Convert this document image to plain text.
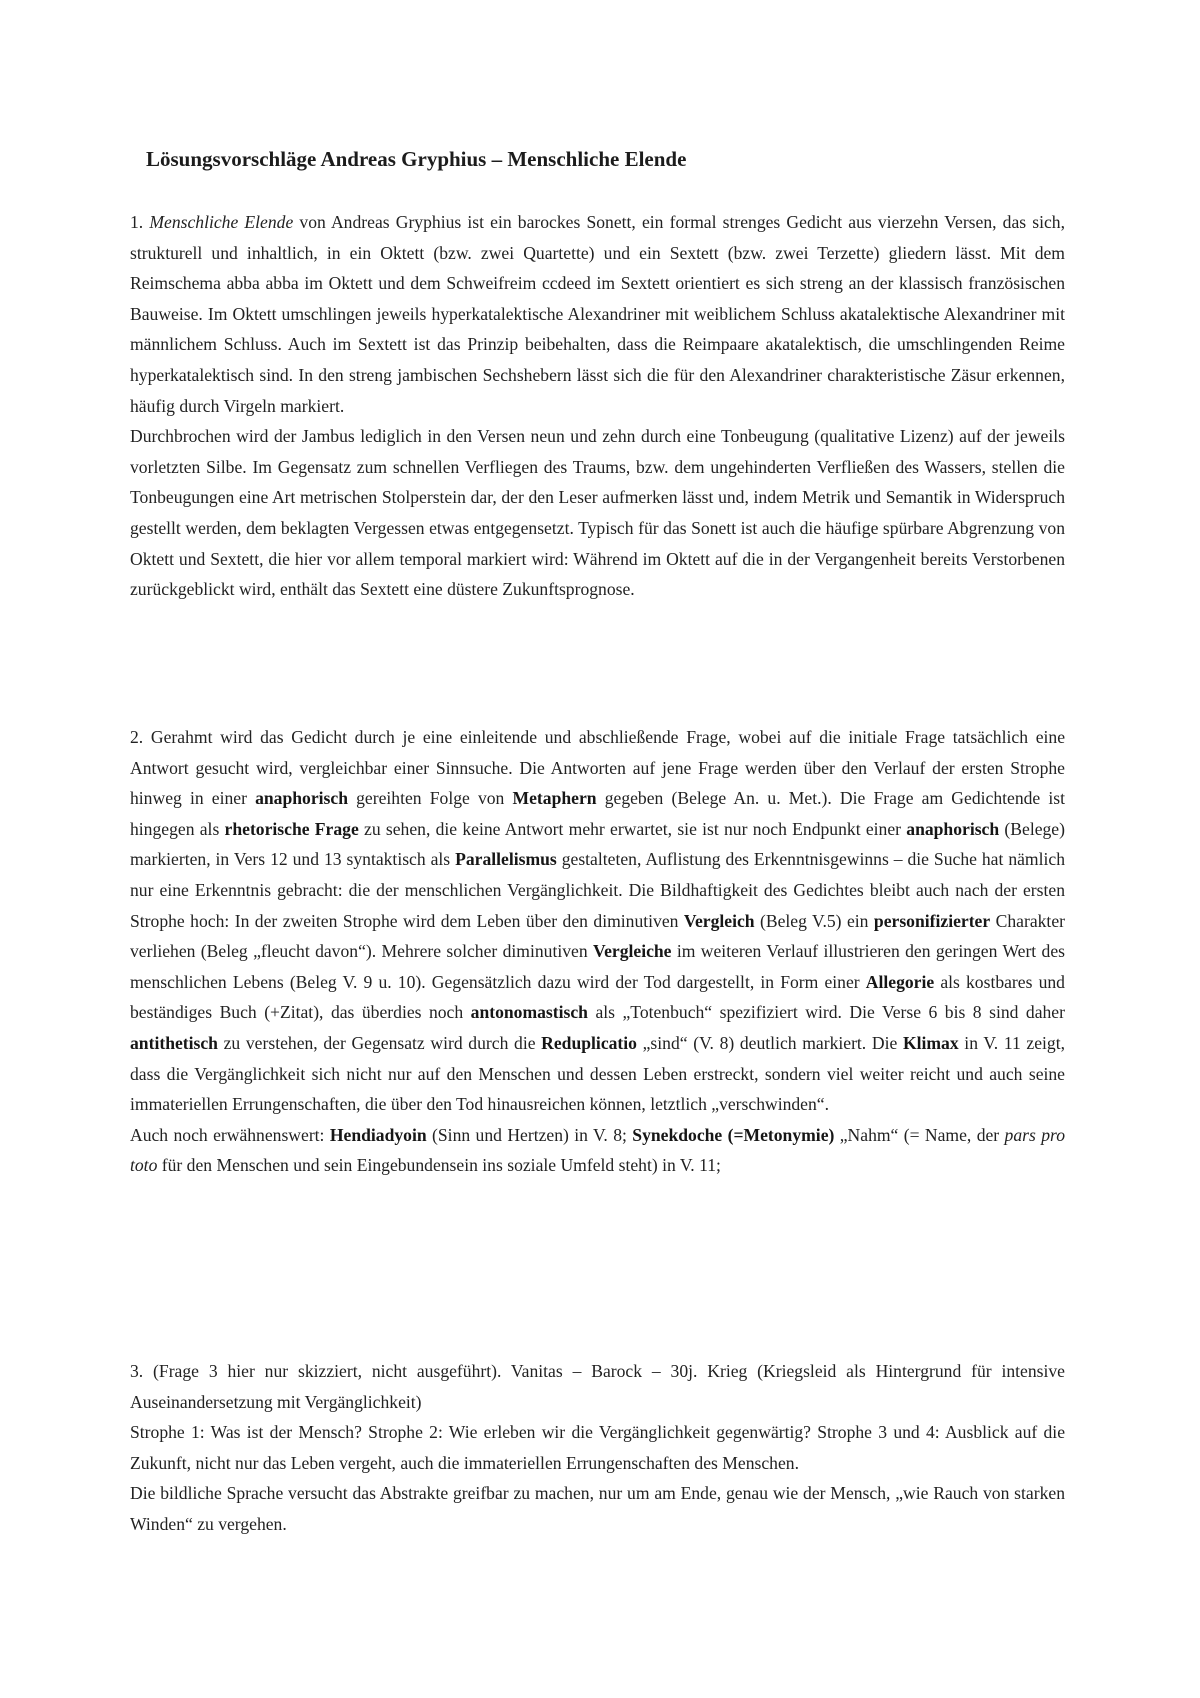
Lösungsvorschläge Andreas Gryphius – Menschliche Elende

1. Menschliche Elende von Andreas Gryphius ist ein barockes Sonett, ein formal strenges Gedicht aus vierzehn Versen, das sich, strukturell und inhaltlich, in ein Oktett (bzw. zwei Quartette) und ein Sextett (bzw. zwei Terzette) gliedern lässt. Mit dem Reimschema abba abba im Oktett und dem Schweifreim ccdeed im Sextett orientiert es sich streng an der klassisch französischen Bauweise. Im Oktett umschlingen jeweils hyperkatalektische Alexandriner mit weiblichem Schluss akatalektische Alexandriner mit männlichem Schluss. Auch im Sextett ist das Prinzip beibehalten, dass die Reimpaare akatalektisch, die umschlingenden Reime hyperkatalektisch sind. In den streng jambischen Sechshebern lässt sich die für den Alexandriner charakteristische Zäsur erkennen, häufig durch Virgeln markiert.
Durchbrochen wird der Jambus lediglich in den Versen neun und zehn durch eine Tonbeugung (qualitative Lizenz) auf der jeweils vorletzten Silbe. Im Gegensatz zum schnellen Verfliegen des Traums, bzw. dem ungehinderten Verfließen des Wassers, stellen die Tonbeugungen eine Art metrischen Stolperstein dar, der den Leser aufmerken lässt und, indem Metrik und Semantik in Widerspruch gestellt werden, dem beklagten Vergessen etwas entgegensetzt. Typisch für das Sonett ist auch die häufige spürbare Abgrenzung von Oktett und Sextett, die hier vor allem temporal markiert wird: Während im Oktett auf die in der Vergangenheit bereits Verstorbenen zurückgeblickt wird, enthält das Sextett eine düstere Zukunftsprognose.

2. Gerahmt wird das Gedicht durch je eine einleitende und abschließende Frage, wobei auf die initiale Frage tatsächlich eine Antwort gesucht wird, vergleichbar einer Sinnsuche. Die Antworten auf jene Frage werden über den Verlauf der ersten Strophe hinweg in einer anaphorisch gereihten Folge von Metaphern gegeben (Belege An. u. Met.). Die Frage am Gedichtende ist hingegen als rhetorische Frage zu sehen, die keine Antwort mehr erwartet, sie ist nur noch Endpunkt einer anaphorisch (Belege) markierten, in Vers 12 und 13 syntaktisch als Parallelismus gestalteten, Auflistung des Erkenntnisgewinns – die Suche hat nämlich nur eine Erkenntnis gebracht: die der menschlichen Vergänglichkeit. Die Bildhaftigkeit des Gedichtes bleibt auch nach der ersten Strophe hoch: In der zweiten Strophe wird dem Leben über den diminutiven Vergleich (Beleg V.5) ein personifizierter Charakter verliehen (Beleg „fleucht davon“). Mehrere solcher diminutiven Vergleiche im weiteren Verlauf illustrieren den geringen Wert des menschlichen Lebens (Beleg V. 9 u. 10). Gegensätzlich dazu wird der Tod dargestellt, in Form einer Allegorie als kostbares und beständiges Buch (+Zitat), das überdies noch antonomastisch als „Totenbuch“ spezifiziert wird. Die Verse 6 bis 8 sind daher antithetisch zu verstehen, der Gegensatz wird durch die Reduplicatio „sind“ (V. 8) deutlich markiert. Die Klimax in V. 11 zeigt, dass die Vergänglichkeit sich nicht nur auf den Menschen und dessen Leben erstreckt, sondern viel weiter reicht und auch seine immateriellen Errungenschaften, die über den Tod hinausreichen können, letztlich „verschwinden“.
Auch noch erwähnenswert: Hendiadyoin (Sinn und Hertzen) in V. 8; Synekdoche (=Metonymie) „Nahm“ (= Name, der pars pro toto für den Menschen und sein Eingebundensein ins soziale Umfeld steht) in V. 11;

3. (Frage 3 hier nur skizziert, nicht ausgeführt). Vanitas – Barock – 30j. Krieg (Kriegsleid als Hintergrund für intensive Auseinandersetzung mit Vergänglichkeit)
Strophe 1: Was ist der Mensch? Strophe 2: Wie erleben wir die Vergänglichkeit gegenwärtig? Strophe 3 und 4: Ausblick auf die Zukunft, nicht nur das Leben vergeht, auch die immateriellen Errungenschaften des Menschen.
Die bildliche Sprache versucht das Abstrakte greifbar zu machen, nur um am Ende, genau wie der Mensch, „wie Rauch von starken Winden“ zu vergehen.
